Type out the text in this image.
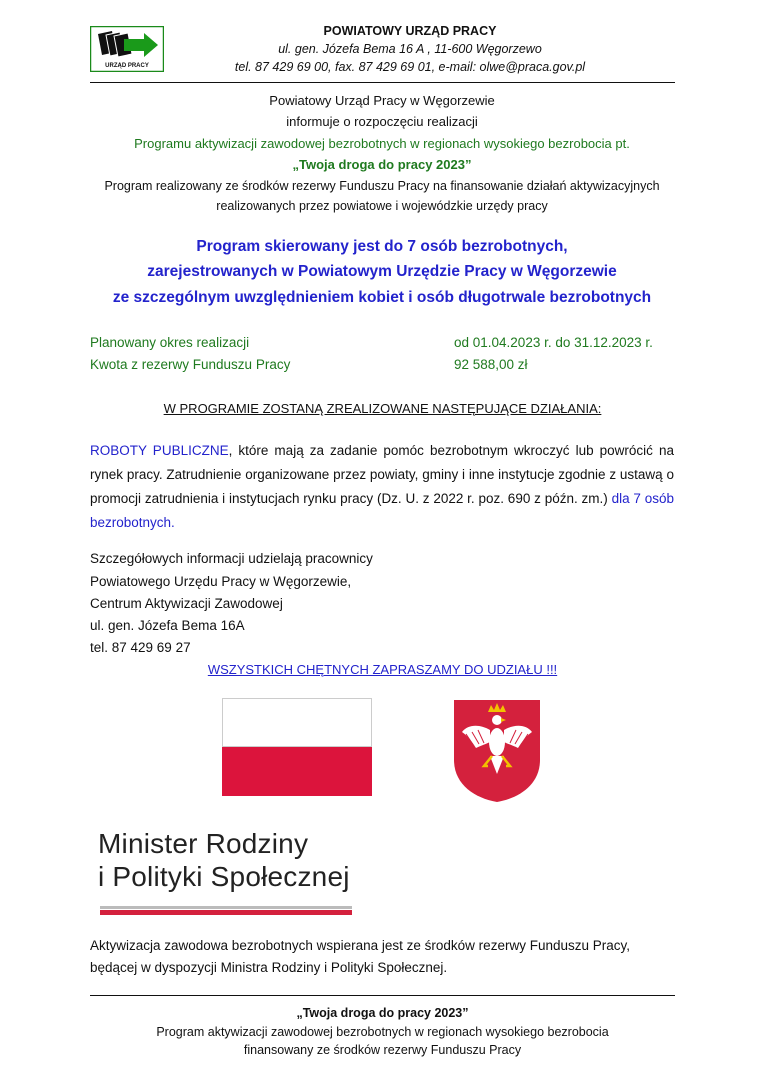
URZĄD PRACY
POWIATOWY URZĄD PRACY
ul. gen. Józefa Bema 16 A , 11-600 Węgorzewo
tel. 87 429 69 00, fax. 87 429 69 01, e-mail: olwe@praca.gov.pl
Powiatowy Urząd Pracy w Węgorzewie
informuje o rozpoczęciu realizacji
Programu aktywizacji zawodowej bezrobotnych w regionach wysokiego bezrobocia pt.
„Twoja droga do pracy 2023”
Program realizowany ze środków rezerwy Funduszu Pracy na finansowanie działań aktywizacyjnych
realizowanych przez powiatowe i wojewódzkie urzędy pracy
Program skierowany jest do 7 osób bezrobotnych,
zarejestrowanych w Powiatowym Urzędzie Pracy w Węgorzewie
ze szczególnym uwzględnieniem kobiet i osób długotrwale bezrobotnych
Planowany okres realizacji	od 01.04.2023 r. do 31.12.2023 r.
Kwota z rezerwy Funduszu Pracy	92 588,00 zł
W PROGRAMIE ZOSTANĄ ZREALIZOWANE NASTĘPUJĄCE DZIAŁANIA:
ROBOTY PUBLICZNE, które mają za zadanie pomóc bezrobotnym wkroczyć lub powrócić na rynek pracy. Zatrudnienie organizowane przez powiaty, gminy i inne instytucje zgodnie z ustawą o promocji zatrudnienia i instytucjach rynku pracy (Dz. U. z 2022 r. poz. 690 z późn. zm.) dla 7 osób bezrobotnych.
Szczegółowych informacji udzielają pracownicy
Powiatowego Urzędu Pracy w Węgorzewie,
Centrum Aktywizacji Zawodowej
ul. gen. Józefa Bema 16A
tel. 87 429 69 27
WSZYSTKICH CHĘTNYCH ZAPRASZAMY DO UDZIAŁU !!!
Minister Rodziny
i Polityki Społecznej
Aktywizacja zawodowa bezrobotnych wspierana jest ze środków rezerwy Funduszu Pracy,
będącej w dyspozycji Ministra Rodziny i Polityki Społecznej.
„Twoja droga do pracy 2023”
Program aktywizacji zawodowej bezrobotnych w regionach wysokiego bezrobocia
finansowany ze środków rezerwy Funduszu Pracy
